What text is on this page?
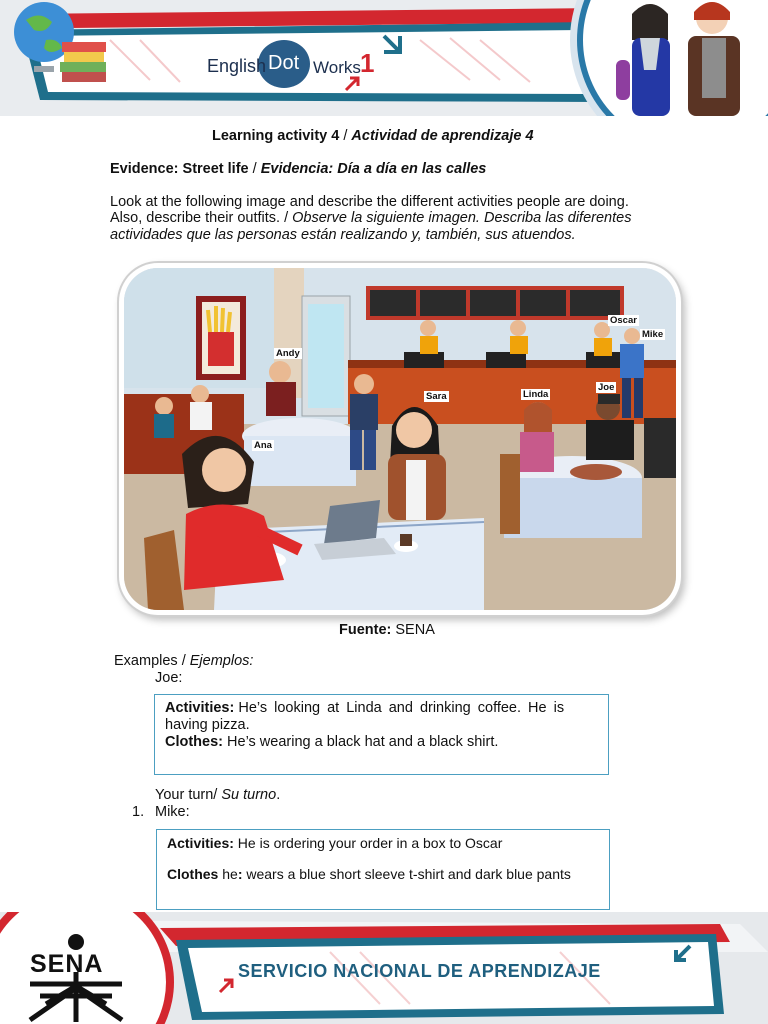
English Dot Works 1
Learning activity 4 / Actividad de aprendizaje 4
Evidence: Street life / Evidencia: Día a día en las calles
Look at the following image and describe the different activities people are doing.
Also, describe their outfits. / Observe la siguiente imagen. Describa las diferentes
actividades que las personas están realizando y, también, sus atuendos.
Oscar
Mike
Andy
Sara	Linda
Joe
Ana
Fuente: SENA
Examples / Ejemplos:
Joe:
Activities: He’s looking at Linda and drinking coffee. He is
having pizza.
Clothes: He’s wearing a black hat and a black shirt.
Your turn/ Su turno.
1. Mike:
Activities: He is ordering your order in a box to Oscar
Clothes he: wears a blue short sleeve t-shirt and dark blue pants
SENA	SERVICIO NACIONAL DE APRENDIZAJE
